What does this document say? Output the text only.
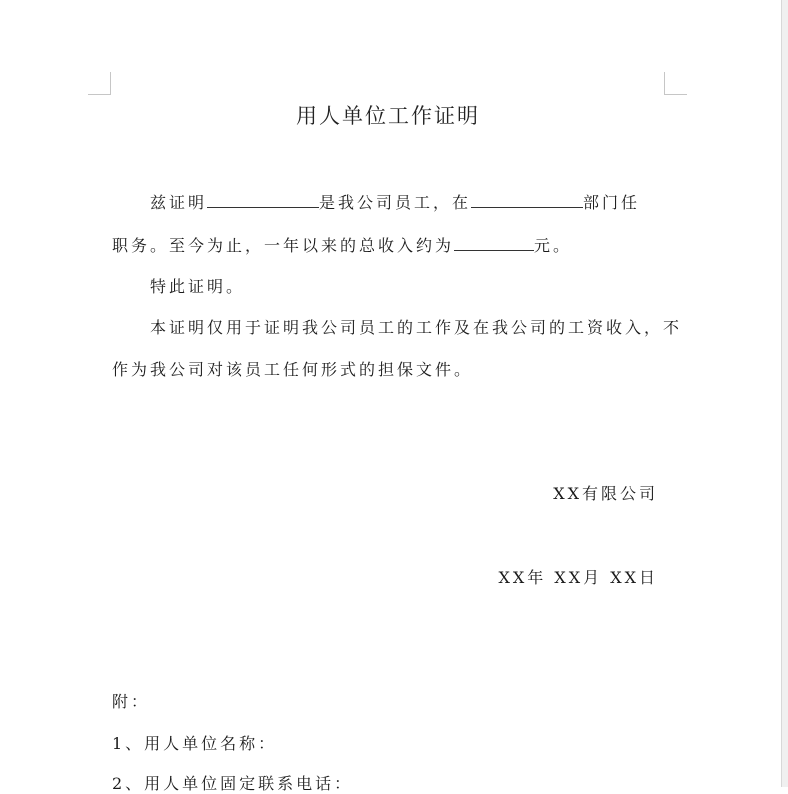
用人单位工作证明
兹证明	是我公司员工，在	部门任
职务。至今为止，一年以来的总收入约为	元。
特此证明。
本证明仅用于证明我公司员工的工作及在我公司的工资收入，不
作为我公司对该员工任何形式的担保文件。
XX有限公司
XX年 XX月 XX日
附：
1、用人单位名称：
2、用人单位固定联系电话：
